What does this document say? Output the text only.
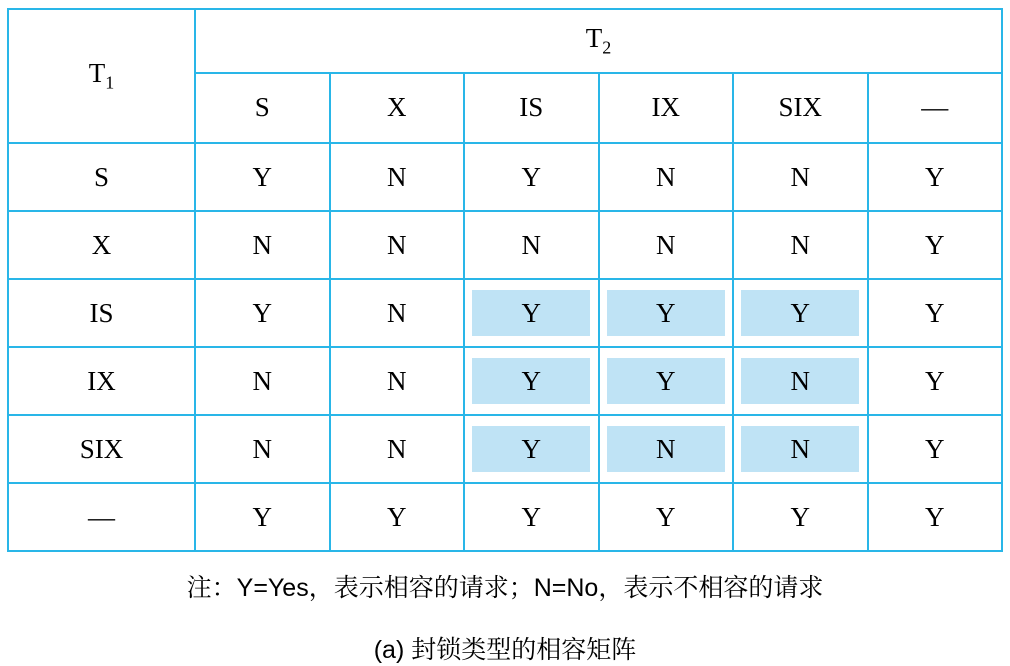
$T_1$	$T_2$
	S	X	IS	IX	SIX	—
S	Y	N	Y	N	N	Y
X	N	N	N	N	N	Y
IS	Y	N	Y	Y	Y	Y
IX	N	N	Y	Y	N	Y
SIX	N	N	Y	N	N	Y
—	Y	Y	Y	Y	Y	Y
注：Y=Yes，表示相容的请求；N=No，表示不相容的请求
(a) 封锁类型的相容矩阵
